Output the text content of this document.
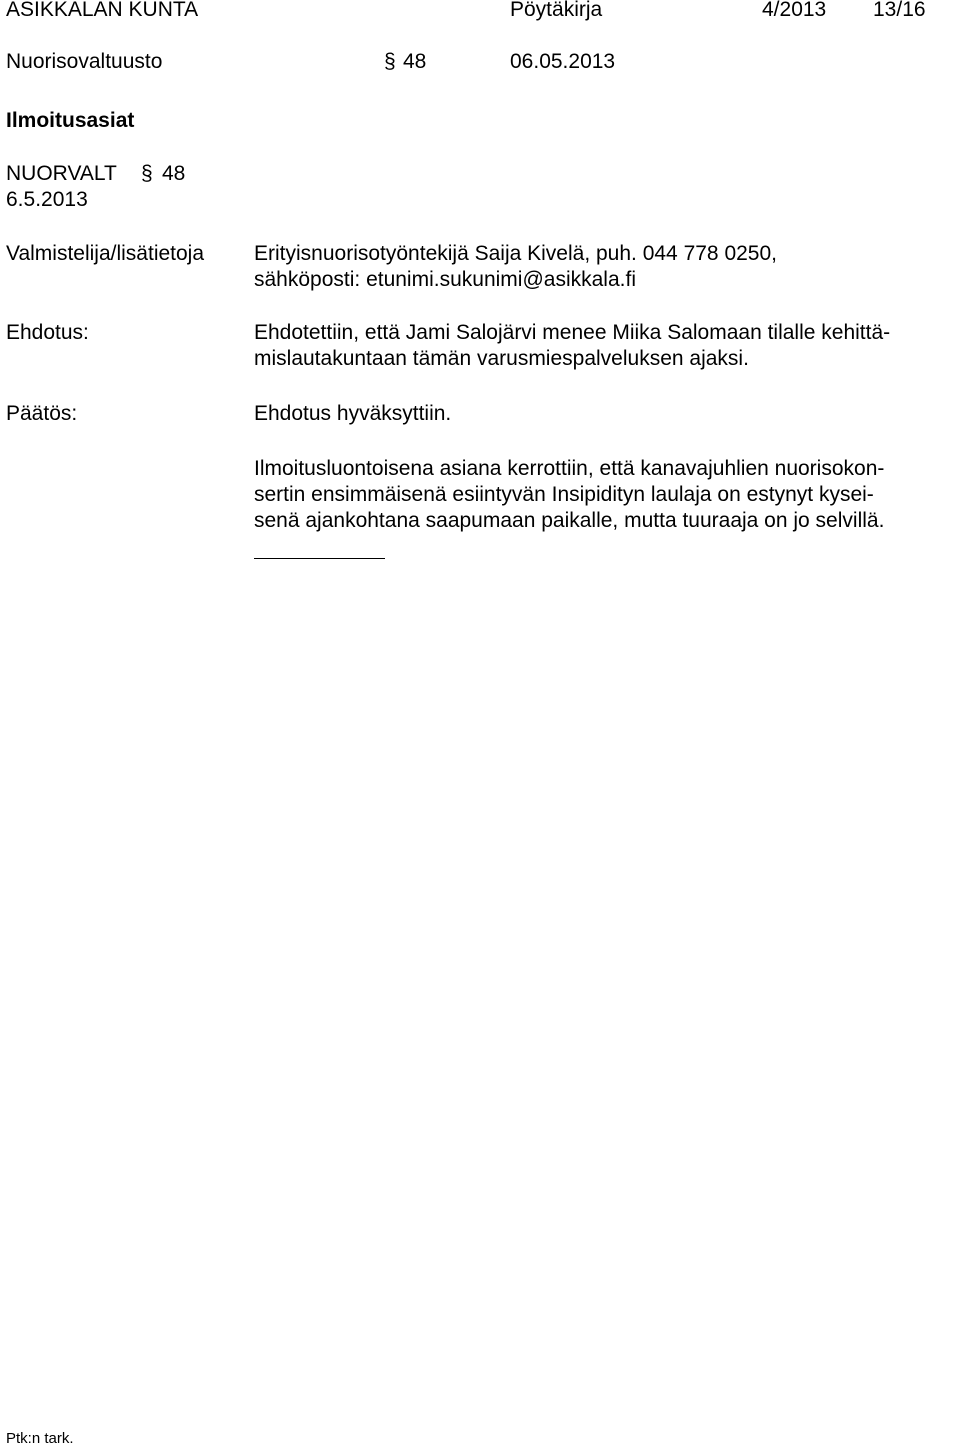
ASIKKALAN KUNTA	Pöytäkirja	4/2013 13/16
Nuorisovaltuusto	§ 48	06.05.2013
Ilmoitusasiat
NUORVALT § 48
6.5.2013
Valmistelija/lisätietoja Erityisnuorisotyöntekijä Saija Kivelä, puh. 044 778 0250,
sähköposti: etunimi.sukunimi@asikkala.fi
Ehdotus:	Ehdotettiin, että Jami Salojärvi menee Miika Salomaan tilalle kehittä-
mislautakuntaan tämän varusmiespalveluksen ajaksi.
Päätös:	Ehdotus hyväksyttiin.
Ilmoitusluontoisena asiana kerrottiin, että kanavajuhlien nuorisokon-
sertin ensimmäisenä esiintyvän Insipidityn laulaja on estynyt kysei-
senä ajankohtana saapumaan paikalle, mutta tuuraaja on jo selvillä.
Ptk:n tark.
